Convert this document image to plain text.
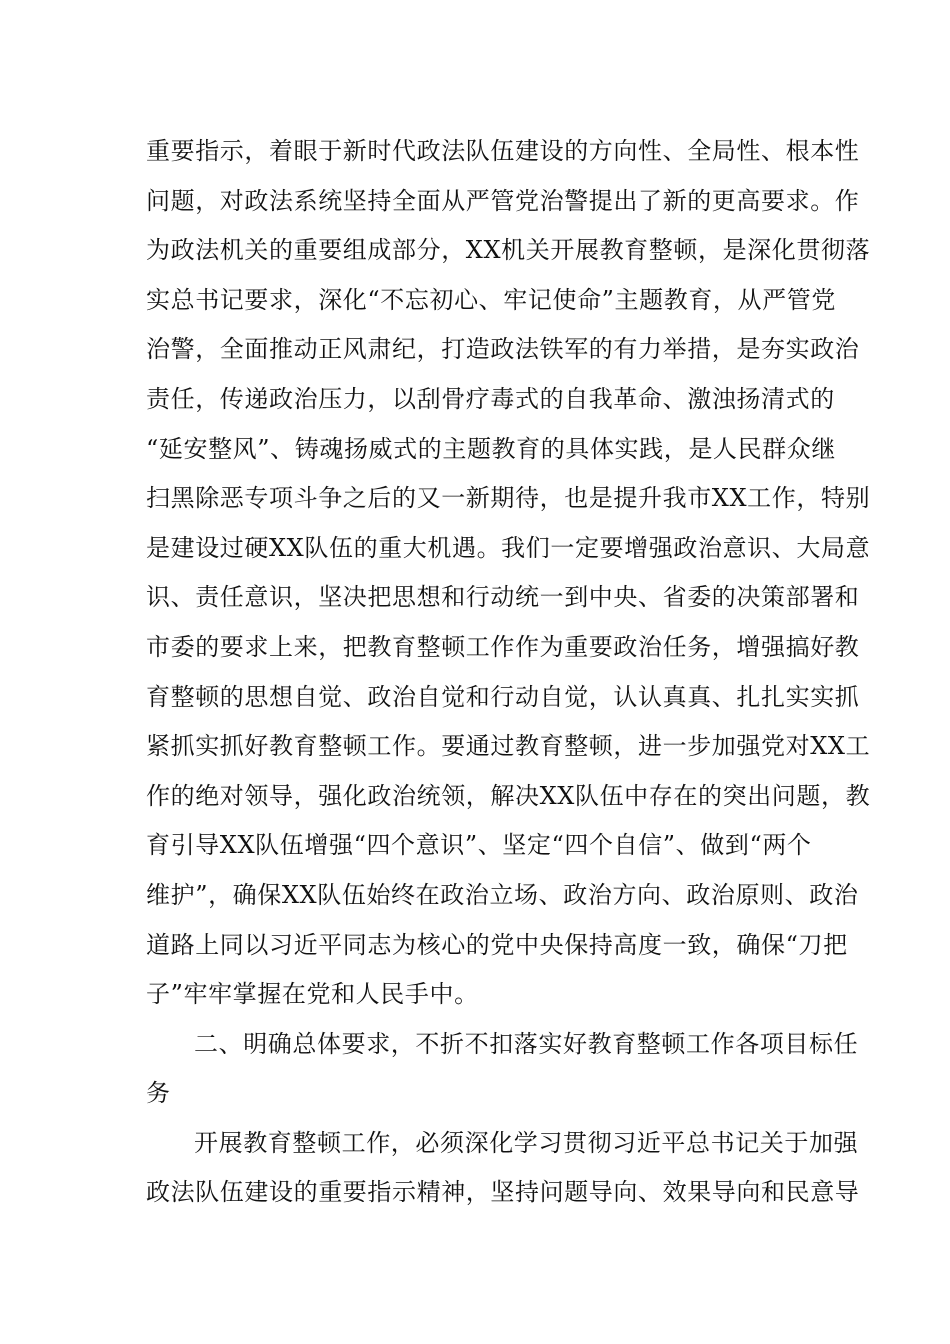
重要指示，着眼于新时代政法队伍建设的方向性、全局性、根本性
问题，对政法系统坚持全面从严管党治警提出了新的更高要求。作
为政法机关的重要组成部分，XX机关开展教育整顿，是深化贯彻落
实总书记要求，深化“不忘初心、牢记使命”主题教育，从严管党
治警，全面推动正风肃纪，打造政法铁军的有力举措，是夯实政治
责任，传递政治压力，以刮骨疗毒式的自我革命、激浊扬清式的
“延安整风”、铸魂扬威式的主题教育的具体实践，是人民群众继
扫黑除恶专项斗争之后的又一新期待，也是提升我市XX工作，特别
是建设过硬XX队伍的重大机遇。我们一定要增强政治意识、大局意
识、责任意识，坚决把思想和行动统一到中央、省委的决策部署和
市委的要求上来，把教育整顿工作作为重要政治任务，增强搞好教
育整顿的思想自觉、政治自觉和行动自觉，认认真真、扎扎实实抓
紧抓实抓好教育整顿工作。要通过教育整顿，进一步加强党对XX工
作的绝对领导，强化政治统领，解决XX队伍中存在的突出问题，教
育引导XX队伍增强“四个意识”、坚定“四个自信”、做到“两个
维护”，确保XX队伍始终在政治立场、政治方向、政治原则、政治
道路上同以习近平同志为核心的党中央保持高度一致，确保“刀把
子”牢牢掌握在党和人民手中。
二、明确总体要求，不折不扣落实好教育整顿工作各项目标任
务
开展教育整顿工作，必须深化学习贯彻习近平总书记关于加强
政法队伍建设的重要指示精神，坚持问题导向、效果导向和民意导
